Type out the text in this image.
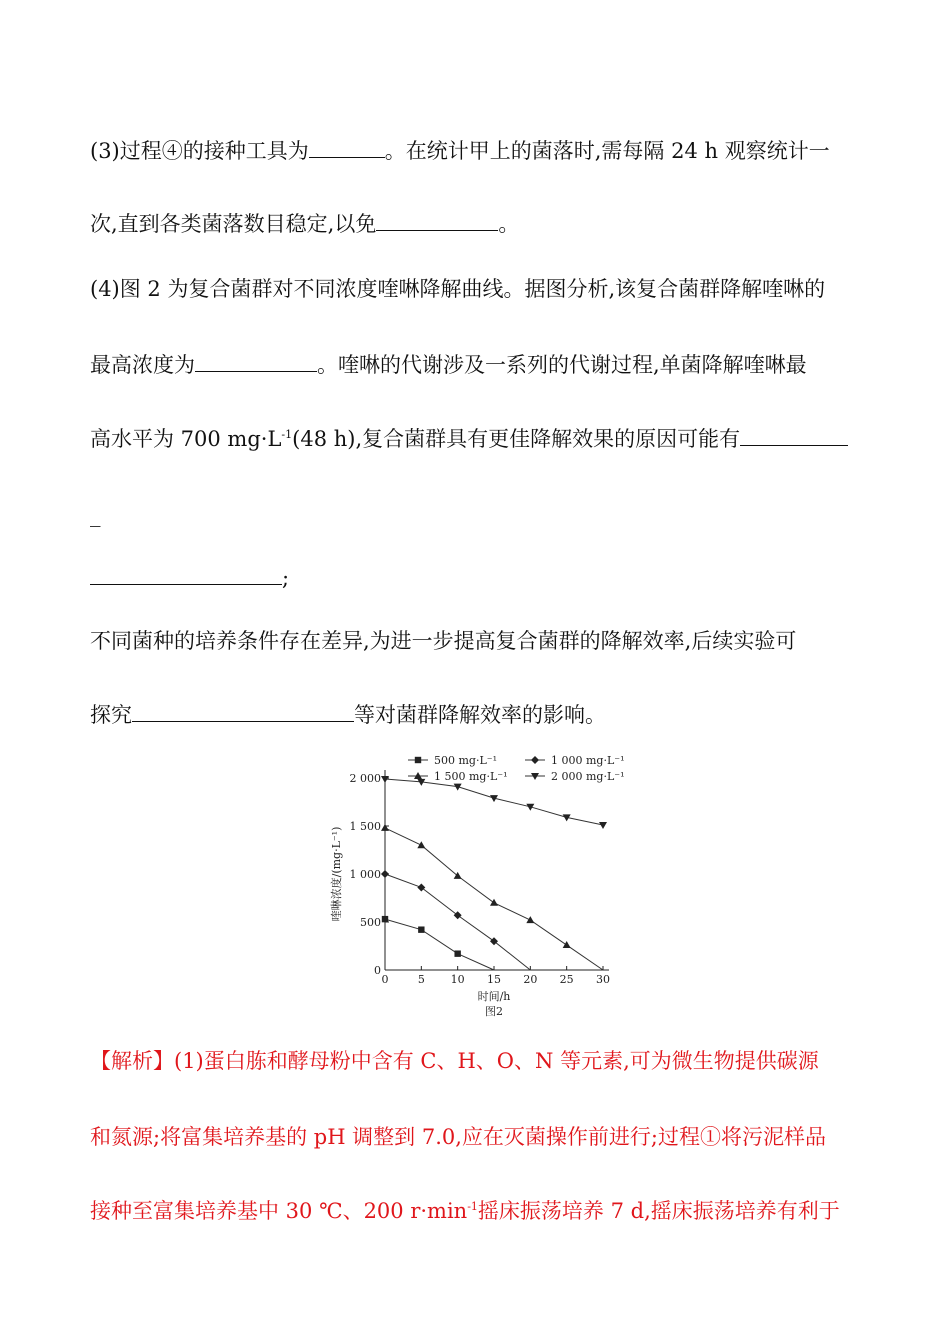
(3)过程④的接种工具为	。在统计甲上的菌落时,需每隔 24 h 观察统计一
次,直到各类菌落数目稳定,以免	。
(4)图 2 为复合菌群对不同浓度喹啉降解曲线。据图分析,该复合菌群降解喹啉的
最高浓度为	。喹啉的代谢涉及一系列的代谢过程,单菌降解喹啉最
高水平为 700 $mg\cdot L^{-1}(48$ h),复合菌群具有更佳降解效果的原因可能有
_
;
不同菌种的培养条件存在差异,为进一步提高复合菌群的降解效率,后续实验可
探究	等对菌群降解效率的影响。
0	5 10 15 20 25 30
0
500
1 000
1 500
2 000
500 mg·L⁻¹	1 000 mg·L⁻¹
1 500 mg·L⁻¹	2 000 mg·L⁻¹
时间/h
喹啉浓度/(mg·L⁻¹)
图2
【解析】(1)蛋白胨和酵母粉中含有 C、H、O、N 等元素,可为微生物提供碳源
和氮源;将富集培养基的 pH 调整到 7.0,应在灭菌操作前进行;过程①将污泥样品
接种至富集培养基中 30 ℃、200 $r\cdot\min^{-1}$摇床振荡培养 7 d,摇床振荡培养有利于
